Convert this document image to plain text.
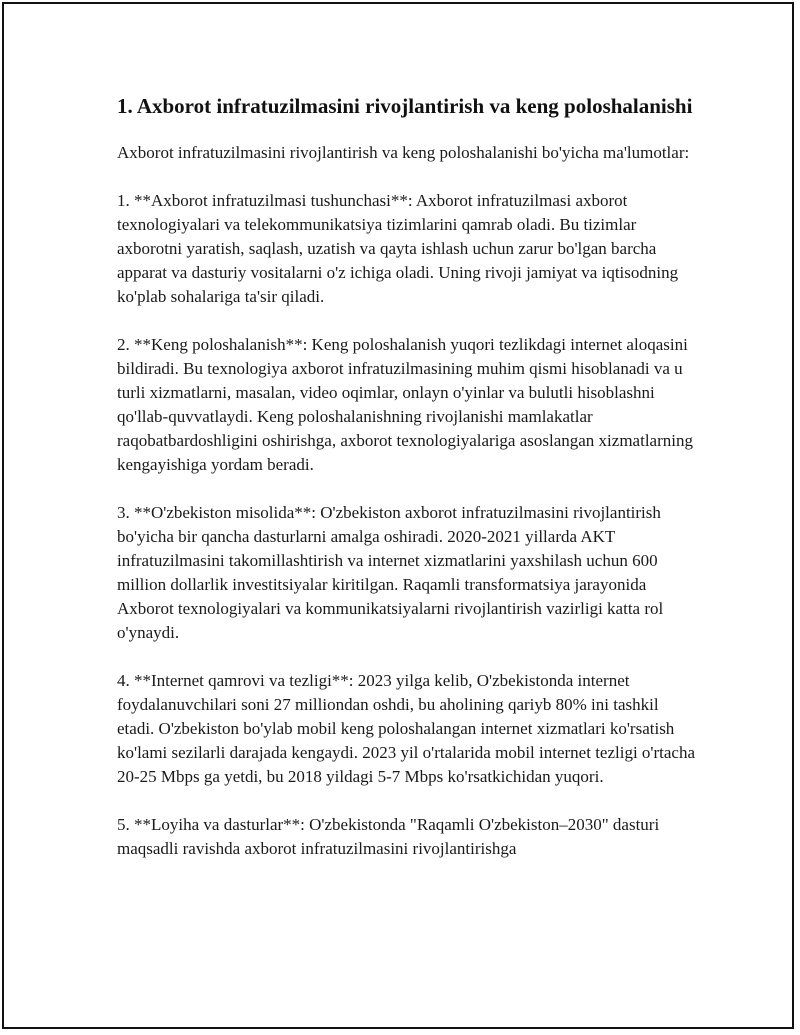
1. Axborot infratuzilmasini rivojlantirish va keng poloshalanishi

Axborot infratuzilmasini rivojlantirish va keng poloshalanishi bo'yicha ma'lumotlar:

1. **Axborot infratuzilmasi tushunchasi**: Axborot infratuzilmasi axborot texnologiyalari va telekommunikatsiya tizimlarini qamrab oladi. Bu tizimlar axborotni yaratish, saqlash, uzatish va qayta ishlash uchun zarur bo'lgan barcha apparat va dasturiy vositalarni o'z ichiga oladi. Uning rivoji jamiyat va iqtisodning ko'plab sohalariga ta'sir qiladi.

2. **Keng poloshalanish**: Keng poloshalanish yuqori tezlikdagi internet aloqasini bildiradi. Bu texnologiya axborot infratuzilmasining muhim qismi hisoblanadi va u turli xizmatlarni, masalan, video oqimlar, onlayn o'yinlar va bulutli hisoblashni qo'llab-quvvatlaydi. Keng poloshalanishning rivojlanishi mamlakatlar raqobatbardoshligini oshirishga, axborot texnologiyalariga asoslangan xizmatlarning kengayishiga yordam beradi.

3. **O'zbekiston misolida**: O'zbekiston axborot infratuzilmasini rivojlantirish bo'yicha bir qancha dasturlarni amalga oshiradi. 2020-2021 yillarda AKT infratuzilmasini takomillashtirish va internet xizmatlarini yaxshilash uchun 600 million dollarlik investitsiyalar kiritilgan. Raqamli transformatsiya jarayonida Axborot texnologiyalari va kommunikatsiyalarni rivojlantirish vazirligi katta rol o'ynaydi.

4. **Internet qamrovi va tezligi**: 2023 yilga kelib, O'zbekistonda internet foydalanuvchilari soni 27 milliondan oshdi, bu aholining qariyb 80% ini tashkil etadi. O'zbekiston bo'ylab mobil keng poloshalangan internet xizmatlari ko'rsatish ko'lami sezilarli darajada kengaydi. 2023 yil o'rtalarida mobil internet tezligi o'rtacha 20-25 Mbps ga yetdi, bu 2018 yildagi 5-7 Mbps ko'rsatkichidan yuqori.

5. **Loyiha va dasturlar**: O'zbekistonda "Raqamli O'zbekiston–2030" dasturi maqsadli ravishda axborot infratuzilmasini rivojlantirishga
